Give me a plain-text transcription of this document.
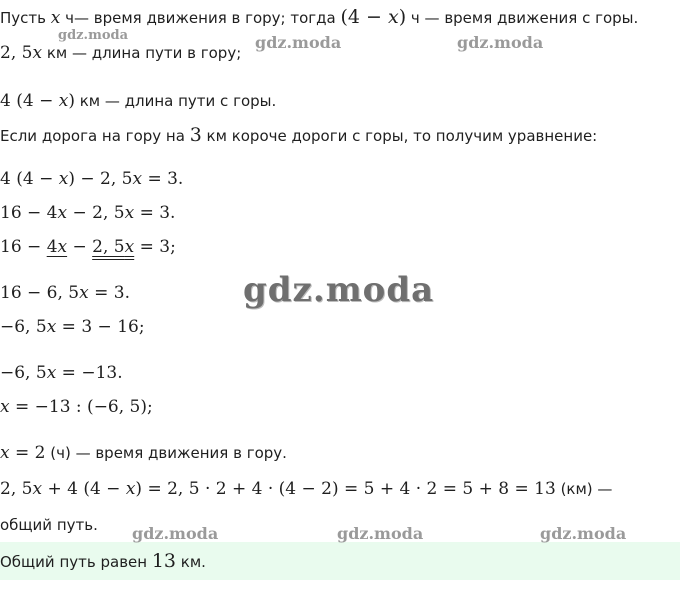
Пусть x ч— время движения в гору; тогда (4 − x) ч — время движения с горы.
2, 5x км — длина пути в гору;
4 (4 − x) км — длина пути с горы.
Если дорога на гору на 3 км короче дороги с горы, то получим уравнение:
4 (4 − x) − 2, 5x = 3.
16 − 4x − 2, 5x = 3.
16 − 4x − 2, 5x = 3;
16 − 6, 5x = 3.
−6, 5x = 3 − 16;
−6, 5x = −13.
x = −13 : (−6, 5);
x = 2 (ч) — время движения в гору.
2, 5x + 4 (4 − x) = 2, 5 · 2 + 4 · (4 − 2) = 5 + 4 · 2 = 5 + 8 = 13 (км) —
общий путь.
Общий путь равен 13 км.
gdz.moda	gdz.moda	gdz.moda
gdz.moda
gdz.moda	gdz.moda	gdz.moda
